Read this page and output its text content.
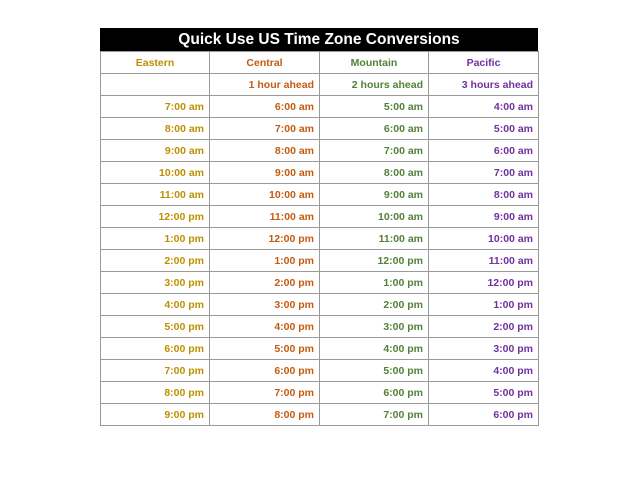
Quick Use US Time Zone Conversions
Eastern	Central	Mountain	Pacific
	1 hour ahead	2 hours ahead	3 hours ahead
7:00 am	6:00 am	5:00 am	4:00 am
8:00 am	7:00 am	6:00 am	5:00 am
9:00 am	8:00 am	7:00 am	6:00 am
10:00 am	9:00 am	8:00 am	7:00 am
11:00 am	10:00 am	9:00 am	8:00 am
12:00 pm	11:00 am	10:00 am	9:00 am
1:00 pm	12:00 pm	11:00 am	10:00 am
2:00 pm	1:00 pm	12:00 pm	11:00 am
3:00 pm	2:00 pm	1:00 pm	12:00 pm
4:00 pm	3:00 pm	2:00 pm	1:00 pm
5:00 pm	4:00 pm	3:00 pm	2:00 pm
6:00 pm	5:00 pm	4:00 pm	3:00 pm
7:00 pm	6:00 pm	5:00 pm	4:00 pm
8:00 pm	7:00 pm	6:00 pm	5:00 pm
9:00 pm	8:00 pm	7:00 pm	6:00 pm
